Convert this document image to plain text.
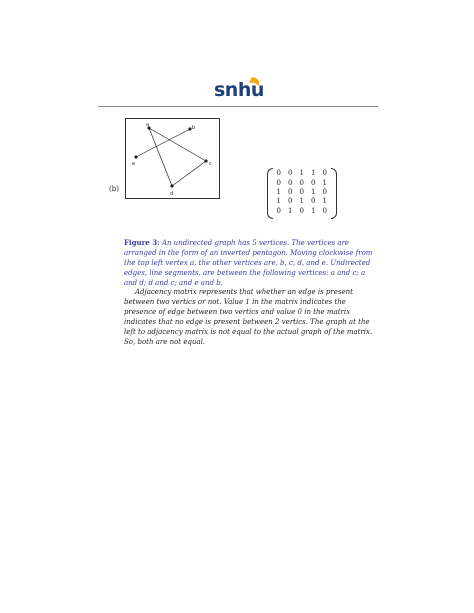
snhu
a	b
c
d
e
(b)
0	0	1	1	0
0	0	0	0	1
1	0	0	1	0
1	0	1	0	1
0	1	0	1	0
Figure 3: An undirected graph has 5 vertices. The vertices are arranged in the form of an inverted pentagon. Moving clockwise from the top left vertex a, the other vertices are, b, c, d, and e. Undirected edges, line segments, are between the following vertices: a and c; a and d; d and c; and e and b.
Adjacency matrix represents that whether an edge is present between two vertics or not. Value 1 in the matrix indicates the presence of edge between two vertics and value 0 in the matrix indicates that no edge is present between 2 vertics. The graph at the left to adjacency matrix is not equal to the actual graph of the matrix. So, both are not equal.
